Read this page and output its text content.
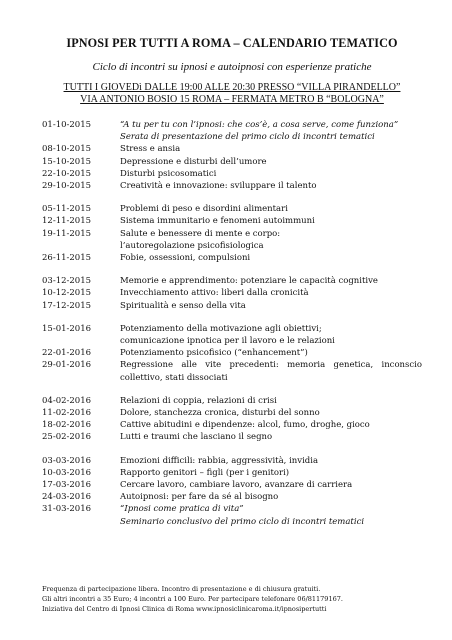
IPNOSI PER TUTTI A ROMA – CALENDARIO TEMATICO
Ciclo di incontri su ipnosi e autoipnosi con esperienze pratiche
TUTTI I GIOVEDì DALLE 19:00 ALLE 20:30 PRESSO “VILLA PIRANDELLO”
VIA ANTONIO BOSIO 15 ROMA – FERMATA METRO B “BOLOGNA”
01-10-2015	“A tu per tu con l’ipnosi: che cos’è, a cosa serve, come funziona”
Serata di presentazione del primo ciclo di incontri tematici
08-10-2015	Stress e ansia
15-10-2015	Depressione e disturbi dell’umore
22-10-2015	Disturbi psicosomatici
29-10-2015	Creatività e innovazione: sviluppare il talento
05-11-2015	Problemi di peso e disordini alimentari
12-11-2015	Sistema immunitario e fenomeni autoimmuni
19-11-2015	Salute e benessere di mente e corpo:
l’autoregolazione psicofisiologica
26-11-2015	Fobie, ossessioni, compulsioni
03-12-2015	Memorie e apprendimento: potenziare le capacità cognitive
10-12-2015	Invecchiamento attivo: liberi dalla cronicità
17-12-2015	Spiritualità e senso della vita
15-01-2016	Potenziamento della motivazione agli obiettivi;
comunicazione ipnotica per il lavoro e le relazioni
22-01-2016	Potenziamento psicofisico (“enhancement”)
29-01-2016	Regressione alle vite precedenti: memoria genetica, inconscio collettivo, stati dissociati
04-02-2016	Relazioni di coppia, relazioni di crisi
11-02-2016	Dolore, stanchezza cronica, disturbi del sonno
18-02-2016	Cattive abitudini e dipendenze: alcol, fumo, droghe, gioco
25-02-2016	Lutti e traumi che lasciano il segno
03-03-2016	Emozioni difficili: rabbia, aggressività, invidia
10-03-2016	Rapporto genitori – figli (per i genitori)
17-03-2016	Cercare lavoro, cambiare lavoro, avanzare di carriera
24-03-2016	Autoipnosi: per fare da sé al bisogno
31-03-2016	“Ipnosi come pratica di vita”
Seminario conclusivo del primo ciclo di incontri tematici
Frequenza di partecipazione libera. Incontro di presentazione e di chiusura gratuiti.
Gli altri incontri a 35 Euro; 4 incontri a 100 Euro. Per partecipare telefonare 06/81179167.
Iniziativa del Centro di Ipnosi Clinica di Roma www.ipnosiclinicaroma.it/ipnosipertutti
